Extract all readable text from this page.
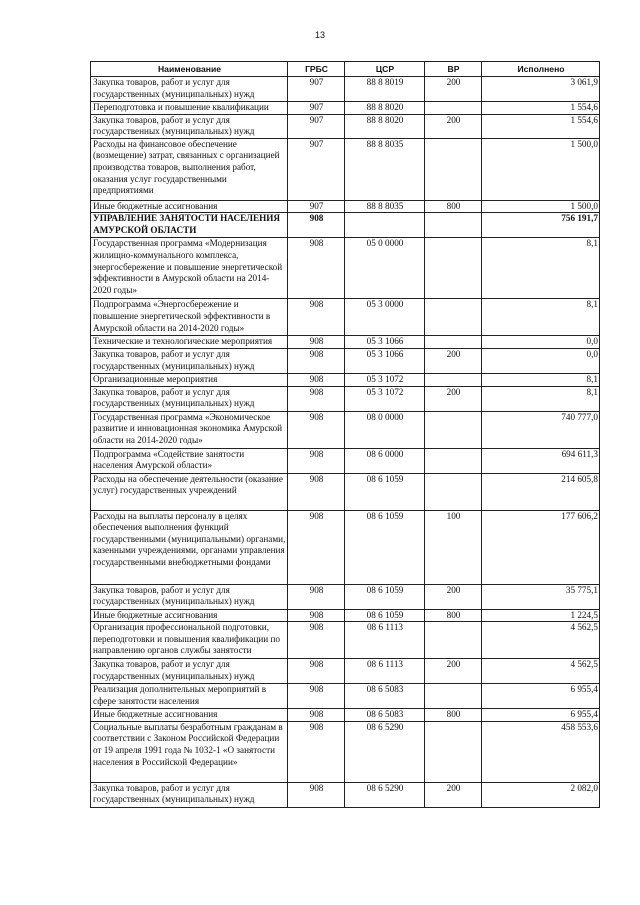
13
Наименование	ГРБС	ЦСР	ВР	Исполнено
Закупка товаров, работ и услуг для государственных (муниципальных) нужд	907	88 8 8019	200	3 061,9
Переподготовка и повышение квалификации	907	88 8 8020		1 554,6
Закупка товаров, работ и услуг для государственных (муниципальных) нужд	907	88 8 8020	200	1 554,6
Расходы на финансовое обеспечение (возмещение) затрат, связанных с организацией производства товаров, выполнения работ, оказания услуг государственными предприятиями	907	88 8 8035		1 500,0
Иные бюджетные ассигнования	907	88 8 8035	800	1 500,0
УПРАВЛЕНИЕ ЗАНЯТОСТИ НАСЕЛЕНИЯ АМУРСКОЙ ОБЛАСТИ	908			756 191,7
Государственная программа «Модернизация жилищно-коммунального комплекса, энергосбережение и повышение энергетической эффективности в Амурской области на 2014-2020 годы»	908	05 0 0000		8,1
Подпрограмма «Энергосбережение и повышение энергетической эффективности в Амурской области на 2014-2020 годы»	908	05 3 0000		8,1
Технические и технологические мероприятия	908	05 3 1066		0,0
Закупка товаров, работ и услуг для государственных (муниципальных) нужд	908	05 3 1066	200	0,0
Организационные мероприятия	908	05 3 1072		8,1
Закупка товаров, работ и услуг для государственных (муниципальных) нужд	908	05 3 1072	200	8,1
Государственная программа «Экономическое развитие и инновационная экономика Амурской области на 2014-2020 годы»	908	08 0 0000		740 777,0
Подпрограмма «Содействие занятости населения Амурской области»	908	08 6 0000		694 611,3
Расходы на обеспечение деятельности (оказание услуг) государственных учреждений	908	08 6 1059		214 605,8
Расходы на выплаты персоналу в целях обеспечения выполнения функций государственными (муниципальными) органами, казенными учреждениями, органами управления государственными внебюджетными фондами	908	08 6 1059	100	177 606,2
Закупка товаров, работ и услуг для государственных (муниципальных) нужд	908	08 6 1059	200	35 775,1
Иные бюджетные ассигнования	908	08 6 1059	800	1 224,5
Организация профессиональной подготовки, переподготовки и повышения квалификации по направлению органов службы занятости	908	08 6 1113		4 562,5
Закупка товаров, работ и услуг для государственных (муниципальных) нужд	908	08 6 1113	200	4 562,5
Реализация дополнительных мероприятий в сфере занятости населения	908	08 6 5083		6 955,4
Иные бюджетные ассигнования	908	08 6 5083	800	6 955,4
Социальные выплаты безработным гражданам в соответствии с Законом Российской Федерации от 19 апреля 1991 года № 1032-1 «О занятости населения в Российской Федерации»	908	08 6 5290		458 553,6
Закупка товаров, работ и услуг для государственных (муниципальных) нужд	908	08 6 5290	200	2 082,0
